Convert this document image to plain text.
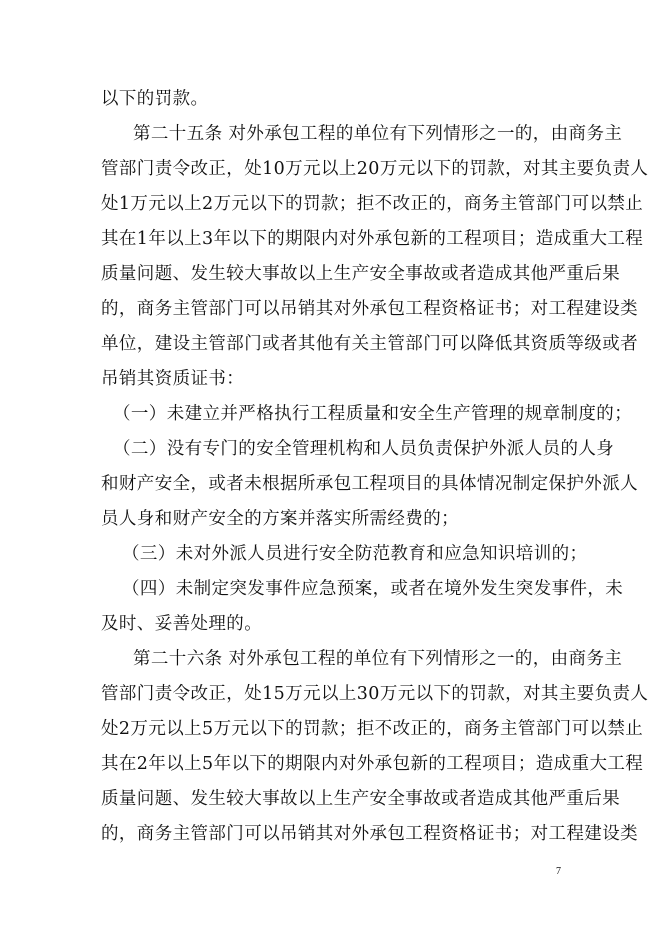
以下的罚款。
第二十五条 对外承包工程的单位有下列情形之一的，由商务主
管部门责令改正，处10万元以上20万元以下的罚款，对其主要负责人
处1万元以上2万元以下的罚款；拒不改正的，商务主管部门可以禁止
其在1年以上3年以下的期限内对外承包新的工程项目；造成重大工程
质量问题、发生较大事故以上生产安全事故或者造成其他严重后果
的，商务主管部门可以吊销其对外承包工程资格证书；对工程建设类
单位，建设主管部门或者其他有关主管部门可以降低其资质等级或者
吊销其资质证书：
（一）未建立并严格执行工程质量和安全生产管理的规章制度的；
（二）没有专门的安全管理机构和人员负责保护外派人员的人身
和财产安全，或者未根据所承包工程项目的具体情况制定保护外派人
员人身和财产安全的方案并落实所需经费的；
（三）未对外派人员进行安全防范教育和应急知识培训的；
（四）未制定突发事件应急预案，或者在境外发生突发事件，未
及时、妥善处理的。
第二十六条 对外承包工程的单位有下列情形之一的，由商务主
管部门责令改正，处15万元以上30万元以下的罚款，对其主要负责人
处2万元以上5万元以下的罚款；拒不改正的，商务主管部门可以禁止
其在2年以上5年以下的期限内对外承包新的工程项目；造成重大工程
质量问题、发生较大事故以上生产安全事故或者造成其他严重后果
的，商务主管部门可以吊销其对外承包工程资格证书；对工程建设类
7
